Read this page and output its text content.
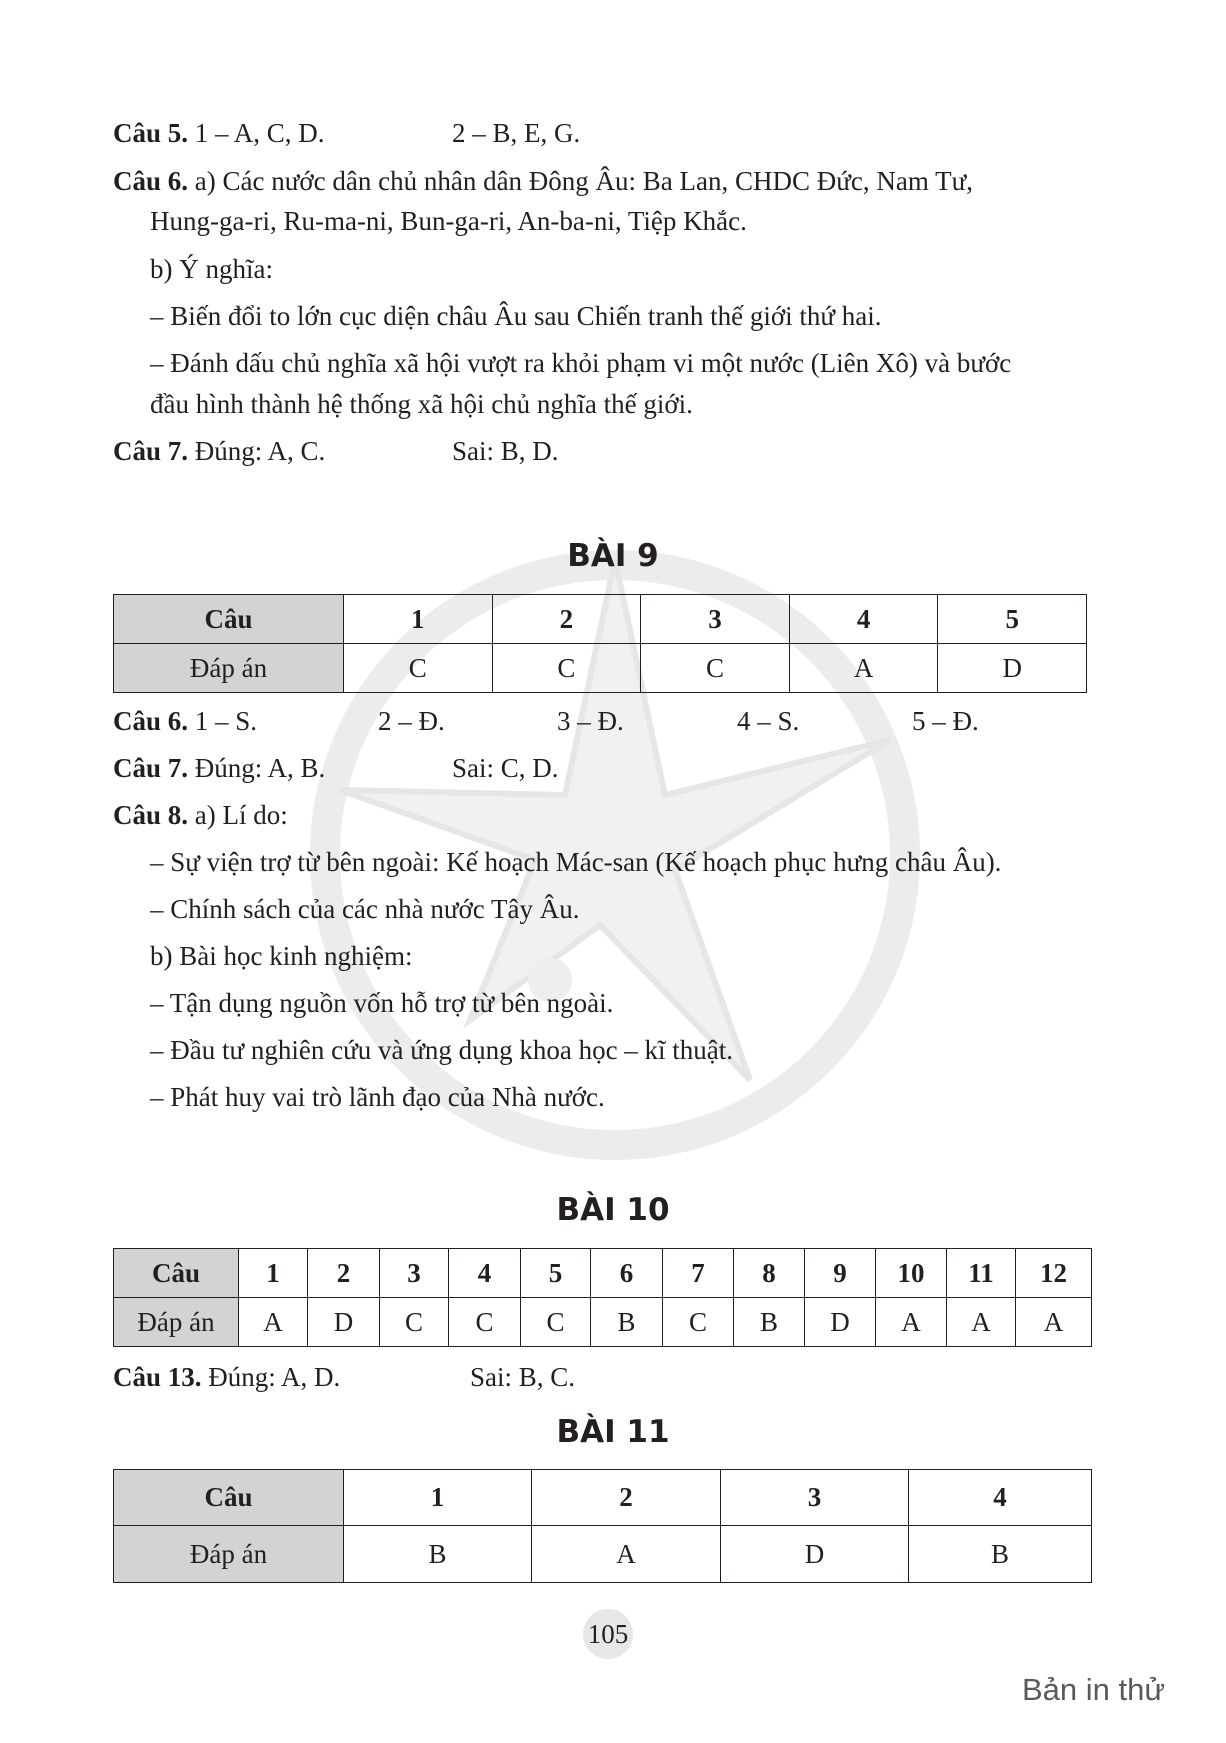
Câu 5. 1 – A, C, D.	2 – B, E, G.
Câu 6. a) Các nước dân chủ nhân dân Đông Âu: Ba Lan, CHDC Đức, Nam Tư,
Hung-ga-ri, Ru-ma-ni, Bun-ga-ri, An-ba-ni, Tiệp Khắc.
b) Ý nghĩa:
– Biến đổi to lớn cục diện châu Âu sau Chiến tranh thế giới thứ hai.
– Đánh dấu chủ nghĩa xã hội vượt ra khỏi phạm vi một nước (Liên Xô) và bước
đầu hình thành hệ thống xã hội chủ nghĩa thế giới.
Câu 7. Đúng: A, C.	Sai: B, D.
BÀI 9
Câu	1	2	3	4	5
Đáp án	C	C	C	A	D
Câu 6. 1 – S.	2 – Đ.	3 – Đ.	4 – S.	5 – Đ.
Câu 7. Đúng: A, B.	Sai: C, D.
Câu 8. a) Lí do:
– Sự viện trợ từ bên ngoài: Kế hoạch Mác-san (Kế hoạch phục hưng châu Âu).
– Chính sách của các nhà nước Tây Âu.
b) Bài học kinh nghiệm:
– Tận dụng nguồn vốn hỗ trợ từ bên ngoài.
– Đầu tư nghiên cứu và ứng dụng khoa học – kĩ thuật.
– Phát huy vai trò lãnh đạo của Nhà nước.
BÀI 10
Câu	1	2	3	4	5	6	7	8	9	10	11	12
Đáp án	A	D	C	C	C	B	C	B	D	A	A	A
Câu 13. Đúng: A, D.	Sai: B, C.
BÀI 11
Câu	1	2	3	4
Đáp án	B	A	D	B
105
Bản in thử
